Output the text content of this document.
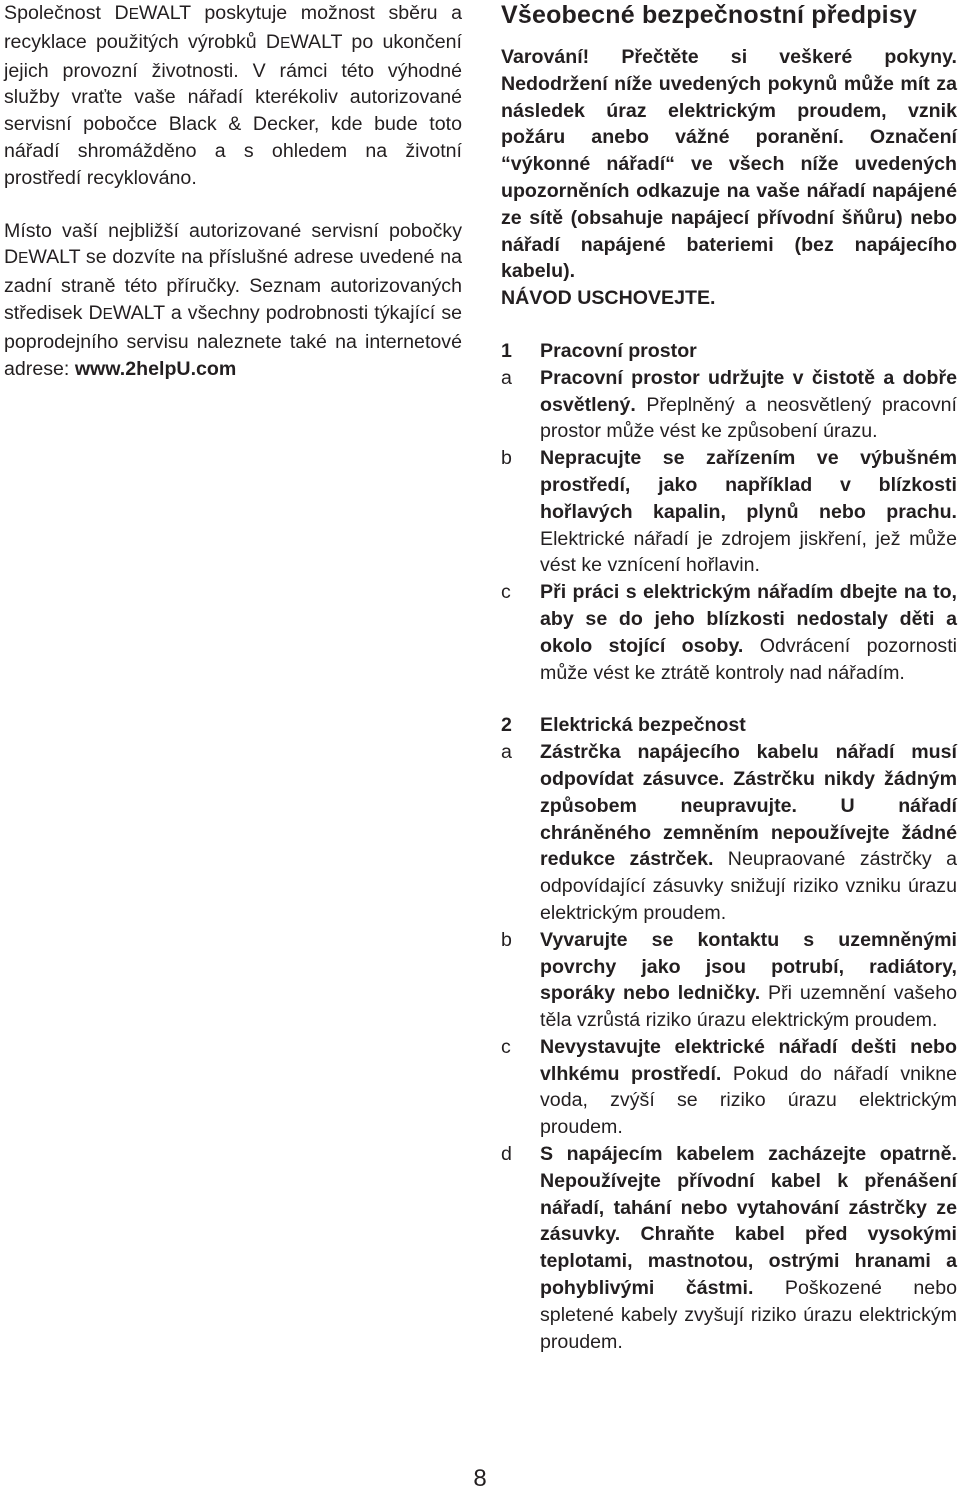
Společnost DEWALT poskytuje možnost sběru a recyklace použitých výrobků DEWALT po ukončení jejich provozní životnosti. V rámci této výhodné služby vraťte vaše nářadí kterékoliv autorizované servisní pobočce Black & Decker, kde bude toto nářadí shromážděno a s ohledem na životní prostředí recyklováno.

Místo vaší nejbližší autorizované servisní pobočky DEWALT se dozvíte na příslušné adrese uvedené na zadní straně této příručky. Seznam autorizovaných středisek DEWALT a všechny podrobnosti týkající se poprodejního servisu naleznete také na internetové adrese: www.2helpU.com

Všeobecné bezpečnostní předpisy

Varování! Přečtěte si veškeré pokyny. Nedodržení níže uvedených pokynů může mít za následek úraz elektrickým proudem, vznik požáru anebo vážné poranění. Označení “výkonné nářadí“ ve všech níže uvedených upozorněních odkazuje na vaše nářadí napájené ze sítě (obsahuje napájecí přívodní šňůru) nebo nářadí napájené bateriemi (bez napájecího kabelu).

NÁVOD USCHOVEJTE.

1	Pracovní prostor
a	Pracovní prostor udržujte v čistotě a dobře osvětlený. Přeplněný a neosvětlený pracovní prostor může vést ke způsobení úrazu.
b	Nepracujte se zařízením ve výbušném prostředí, jako například v blízkosti hořlavých kapalin, plynů nebo prachu. Elektrické nářadí je zdrojem jiskření, jež může vést ke vznícení hořlavin.
c	Při práci s elektrickým nářadím dbejte na to, aby se do jeho blízkosti nedostaly děti a okolo stojící osoby. Odvrácení pozornosti může vést ke ztrátě kontroly nad nářadím.
2	Elektrická bezpečnost
a	Zástrčka napájecího kabelu nářadí musí odpovídat zásuvce. Zástrčku nikdy žádným způsobem neupravujte. U nářadí chráněného zemněním nepoužívejte žádné redukce zástrček. Neupraované zástrčky a odpovídající zásuvky snižují riziko vzniku úrazu elektrickým proudem.
b	Vyvarujte se kontaktu s uzemněnými povrchy jako jsou potrubí, radiátory, sporáky nebo ledničky. Při uzemnění vašeho těla vzrůstá riziko úrazu elektrickým proudem.
c	Nevystavujte elektrické nářadí dešti nebo vlhkému prostředí. Pokud do nářadí vnikne voda, zvýší se riziko úrazu elektrickým proudem.
d	S napájecím kabelem zacházejte opatrně. Nepoužívejte přívodní kabel k přenášení nářadí, tahání nebo vytahování zástrčky ze zásuvky. Chraňte kabel před vysokými teplotami, mastnotou, ostrými hranami a pohyblivými částmi. Poškozené nebo spletené kabely zvyšují riziko úrazu elektrickým proudem.
8
